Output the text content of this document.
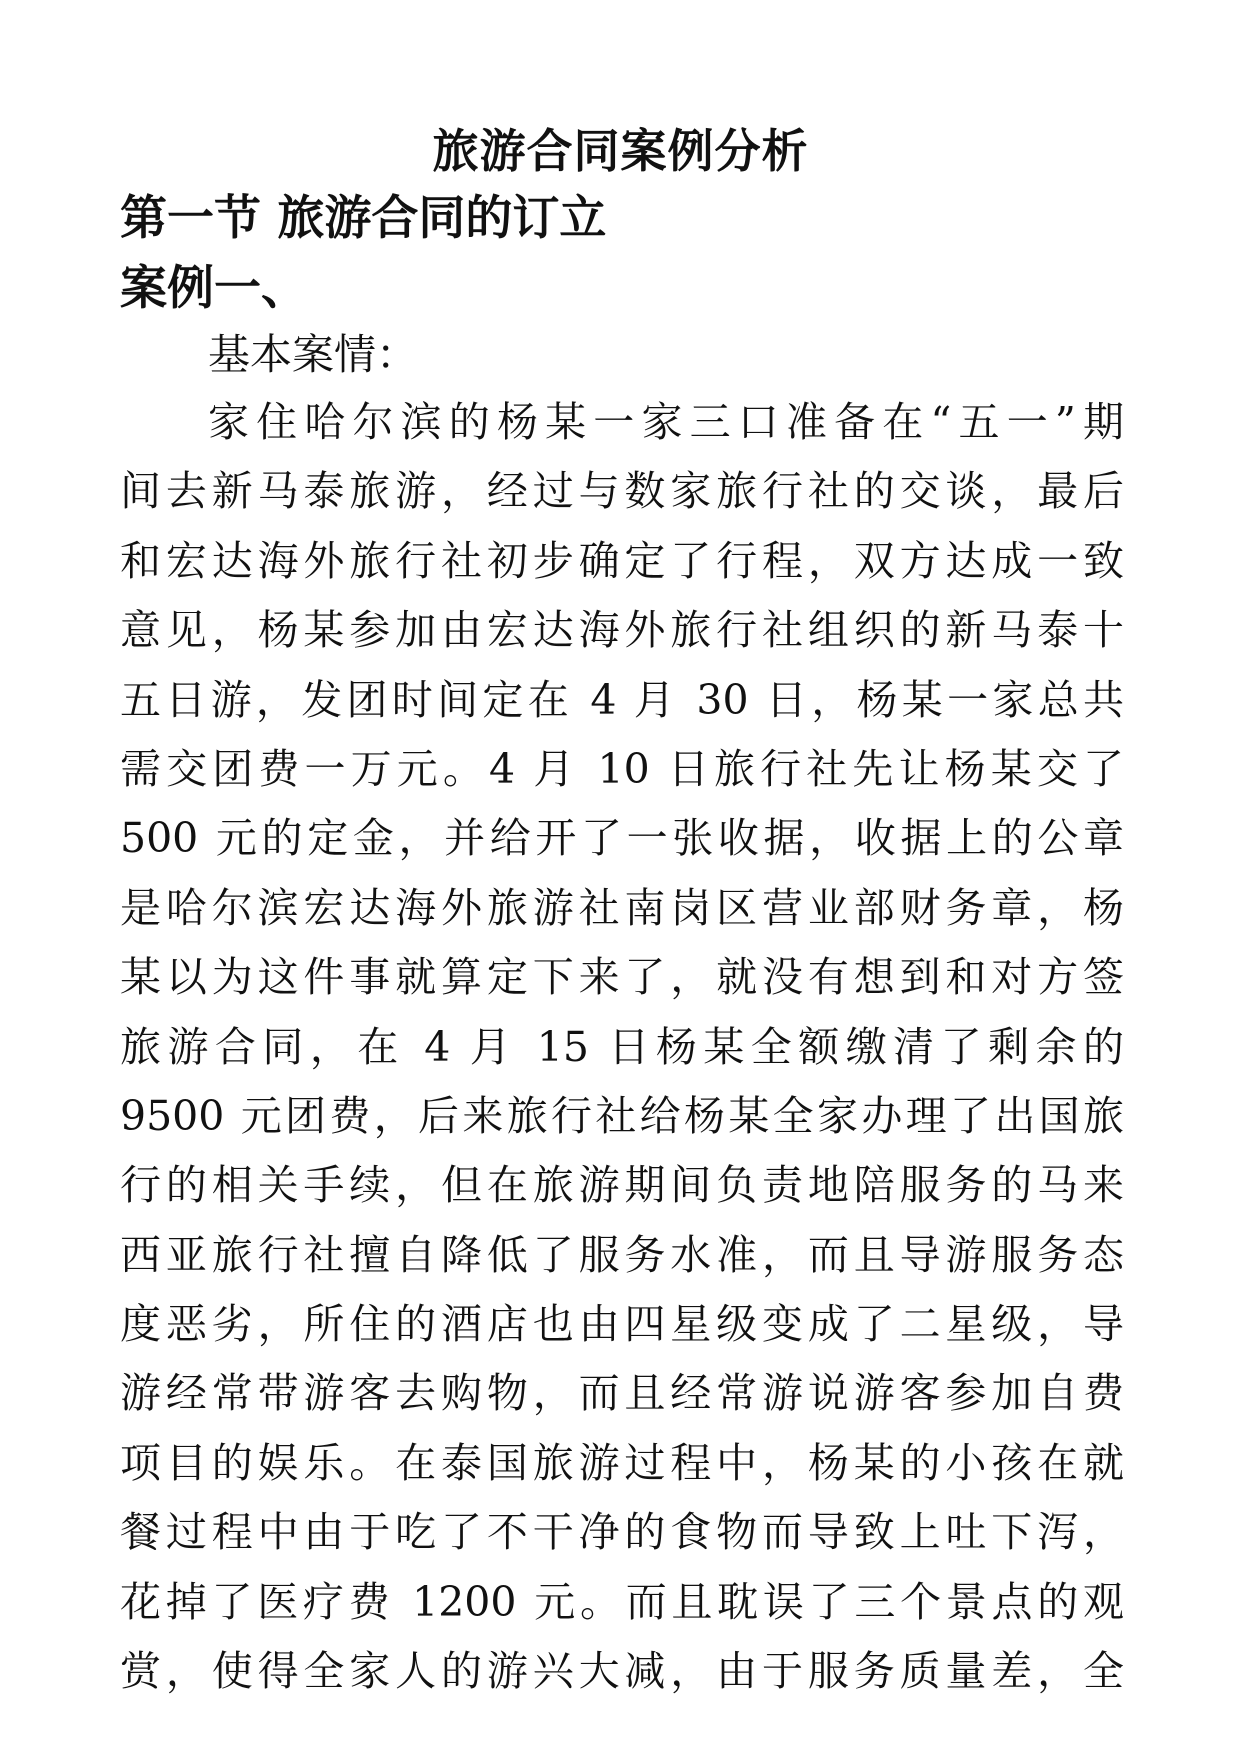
旅游合同案例分析
第一节 旅游合同的订立
案例一、
基本案情：
家住哈尔滨的杨某一家三口准备在“五一”期
间去新马泰旅游，经过与数家旅行社的交谈，最后
和宏达海外旅行社初步确定了行程，双方达成一致
意见，杨某参加由宏达海外旅行社组织的新马泰十
五日游，发团时间定在 4 月 30 日，杨某一家总共
需交团费一万元。4 月 10 日旅行社先让杨某交了
500 元的定金，并给开了一张收据，收据上的公章
是哈尔滨宏达海外旅游社南岗区营业部财务章，杨
某以为这件事就算定下来了，就没有想到和对方签
旅游合同，在 4 月 15 日杨某全额缴清了剩余的
9500 元团费，后来旅行社给杨某全家办理了出国旅
行的相关手续，但在旅游期间负责地陪服务的马来
西亚旅行社擅自降低了服务水准，而且导游服务态
度恶劣，所住的酒店也由四星级变成了二星级，导
游经常带游客去购物，而且经常游说游客参加自费
项目的娱乐。在泰国旅游过程中，杨某的小孩在就
餐过程中由于吃了不干净的食物而导致上吐下泻，
花掉了医疗费 1200 元。而且耽误了三个景点的观
赏，使得全家人的游兴大减，由于服务质量差，全
